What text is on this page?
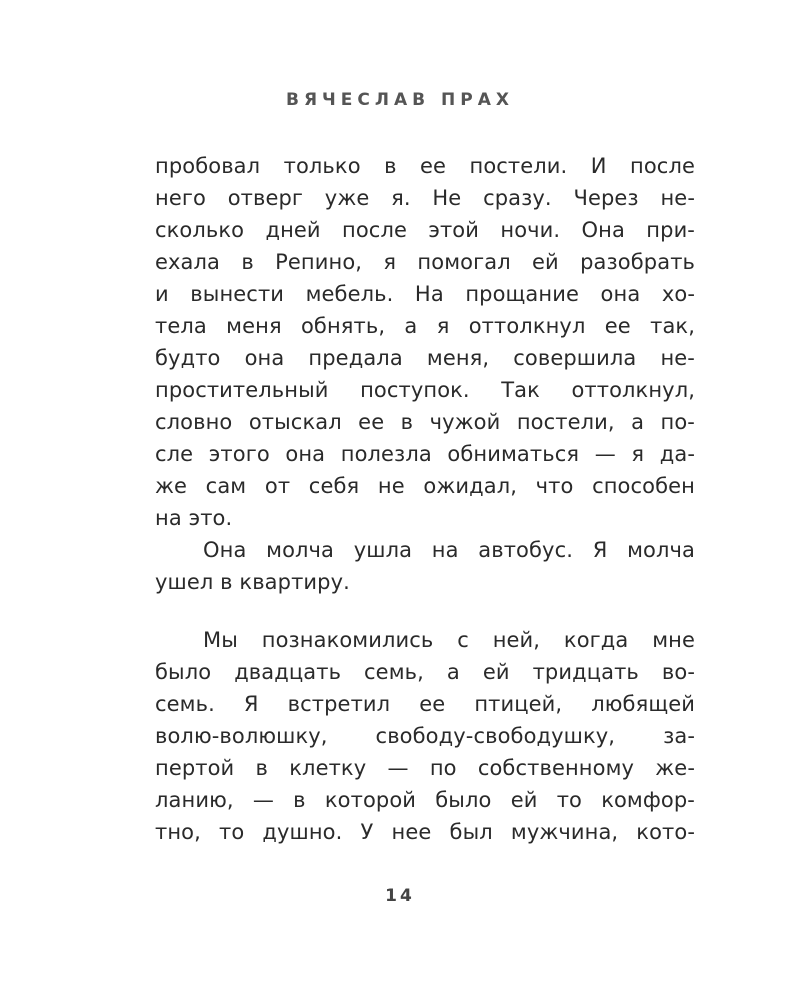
ВЯЧЕСЛАВ ПРАХ
пробовал только в ее постели. И после
него отверг уже я. Не сразу. Через не-
сколько дней после этой ночи. Она при-
ехала в Репино, я помогал ей разобрать
и вынести мебель. На прощание она хо-
тела меня обнять, а я оттолкнул ее так,
будто она предала меня, совершила не-
простительный поступок. Так оттолкнул,
словно отыскал ее в чужой постели, а по-
сле этого она полезла обниматься — я да-
же сам от себя не ожидал, что способен
на это.
Она молча ушла на автобус. Я молча
ушел в квартиру.
Мы познакомились с ней, когда мне
было двадцать семь, а ей тридцать во-
семь. Я встретил ее птицей, любящей
волю-волюшку, свободу-свободушку, за-
пертой в клетку — по собственному же-
ланию, — в которой было ей то комфор-
тно, то душно. У нее был мужчина, кото-
14
